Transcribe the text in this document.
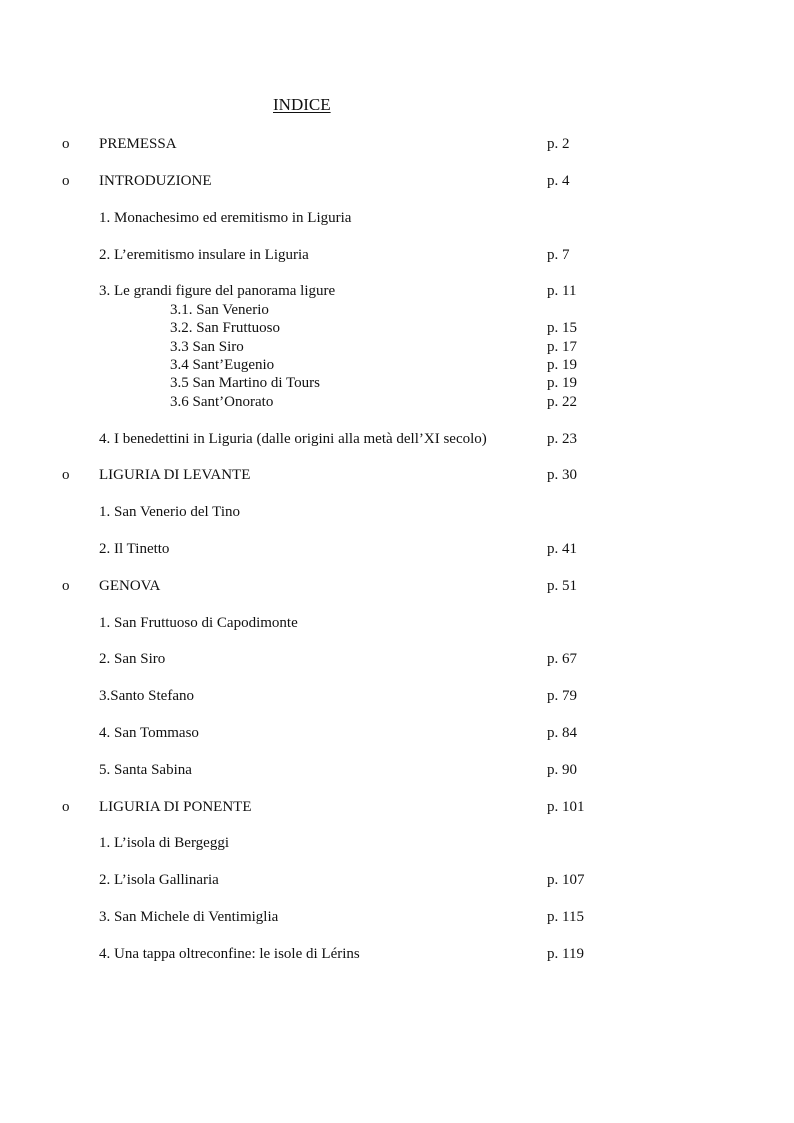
INDICE
o	PREMESSA	p. 2
o	INTRODUZIONE	p. 4
1. Monachesimo ed eremitismo in Liguria
2. L’eremitismo insulare in Liguria	p. 7
3. Le grandi figure del panorama ligure	p. 11
3.1. San Venerio
3.2. San Fruttuoso	p. 15
3.3 San Siro	p. 17
3.4 Sant’Eugenio	p. 19
3.5 San Martino di Tours	p. 19
3.6 Sant’Onorato	p. 22
4. I benedettini in Liguria (dalle origini alla metà dell’XI secolo)	p. 23
o	LIGURIA DI LEVANTE	p. 30
1. San Venerio del Tino
2. Il Tinetto	p. 41
o	GENOVA	p. 51
1. San Fruttuoso di Capodimonte
2. San Siro	p. 67
3.Santo Stefano	p. 79
4. San Tommaso	p. 84
5. Santa Sabina	p. 90
o	LIGURIA DI PONENTE	p. 101
1. L’isola di Bergeggi
2. L’isola Gallinaria	p. 107
3. San Michele di Ventimiglia	p. 115
4. Una tappa oltreconfine: le isole di Lérins	p. 119
